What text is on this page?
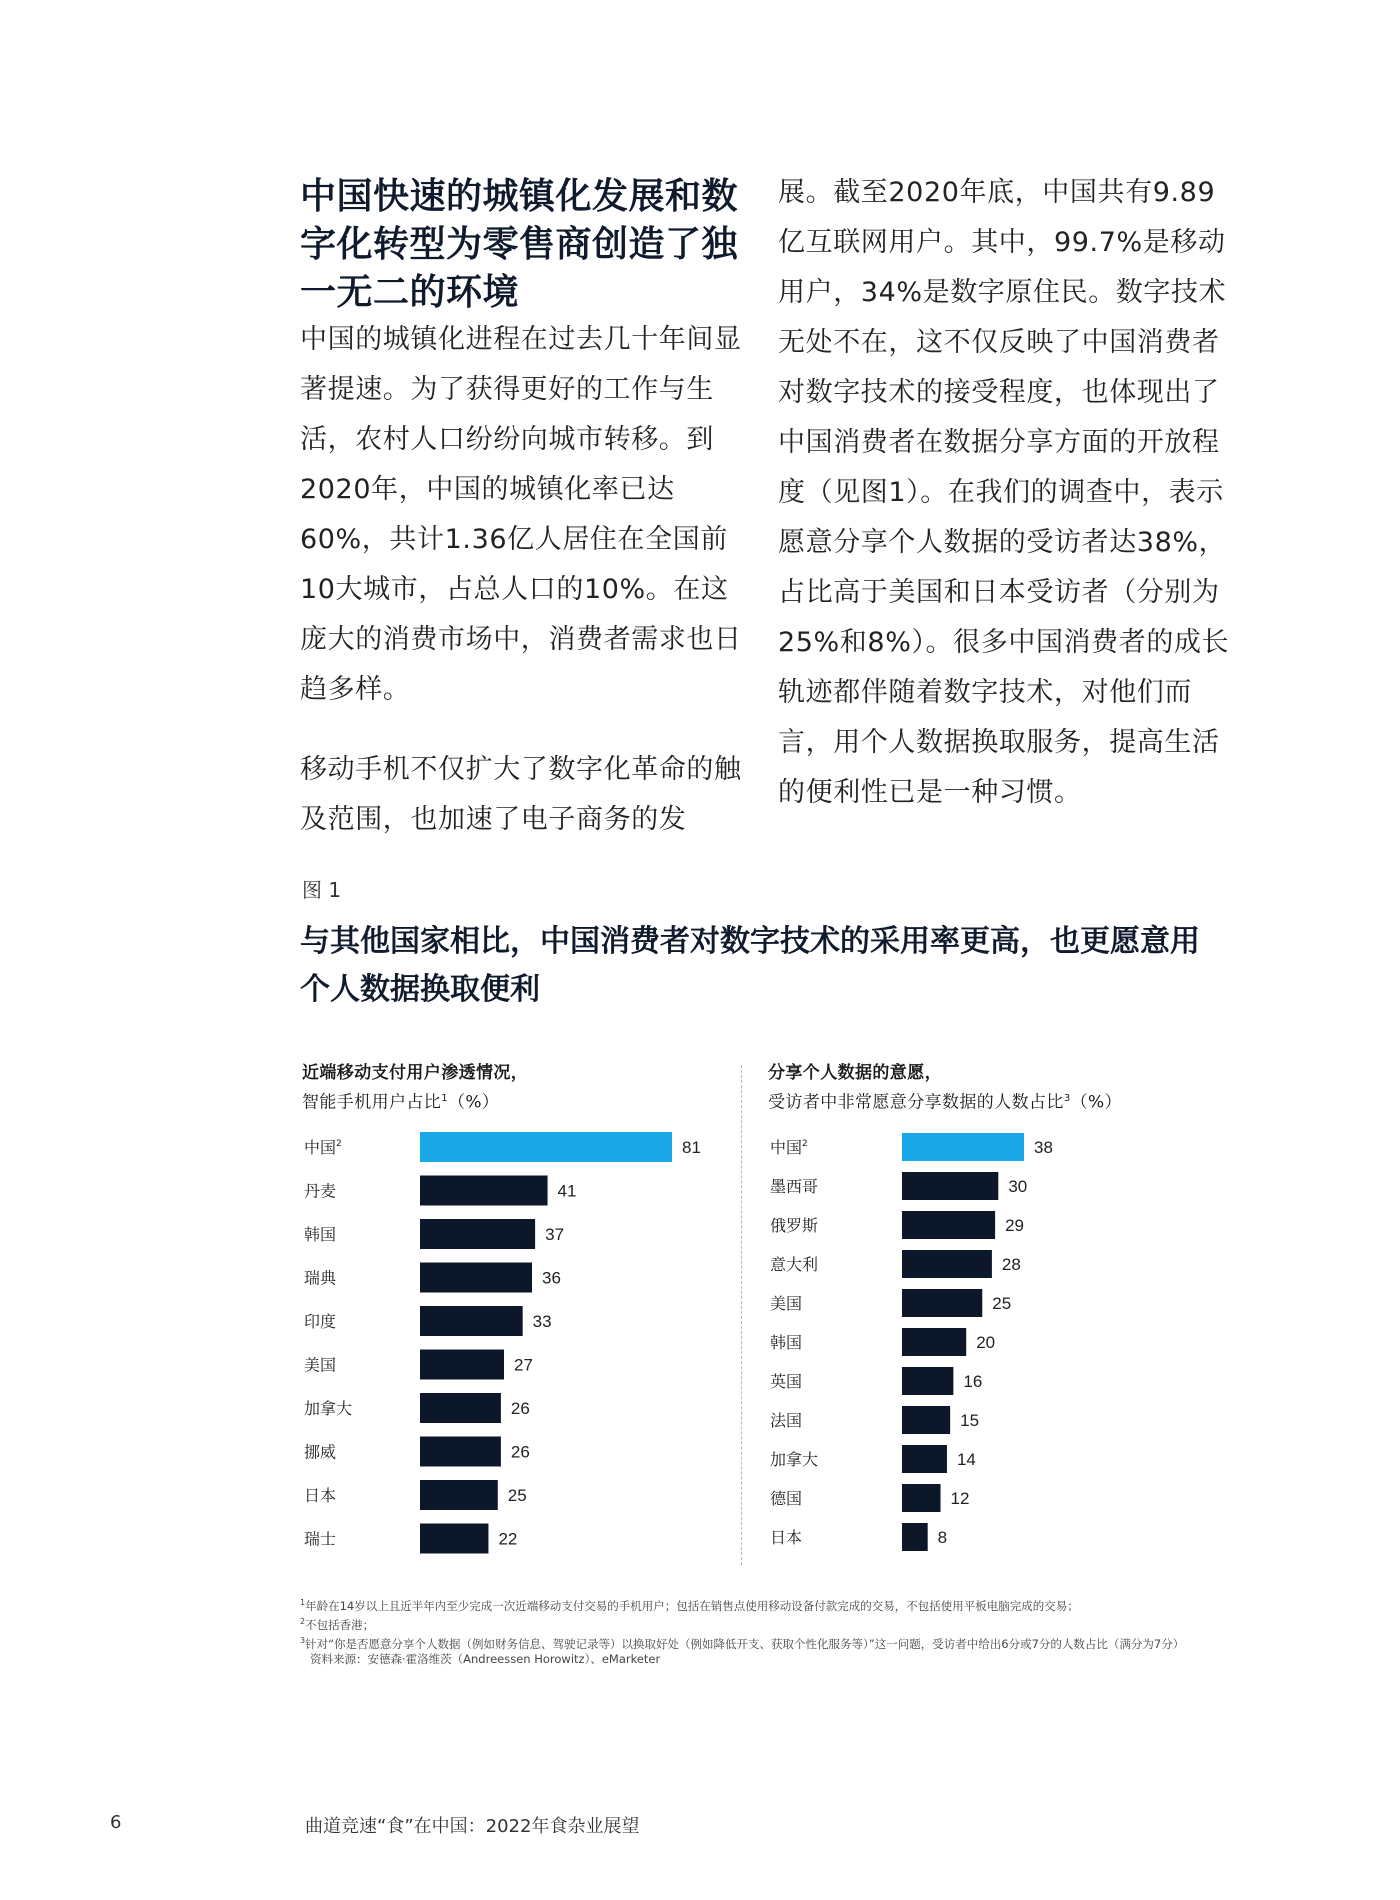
中国快速的城镇化发展和数字化转型为零售商创造了独一无二的环境
中国的城镇化进程在过去几十年间显著提速。为了获得更好的工作与生活，农村人口纷纷向城市转移。到2020年，中国的城镇化率已达60%，共计1.36亿人居住在全国前10大城市，占总人口的10%。在这庞大的消费市场中，消费者需求也日趋多样。
移动手机不仅扩大了数字化革命的触及范围，也加速了电子商务的发
展。截至2020年底，中国共有9.89亿互联网用户。其中，99.7%是移动用户，34%是数字原住民。数字技术无处不在，这不仅反映了中国消费者对数字技术的接受程度，也体现出了中国消费者在数据分享方面的开放程度（见图1）。在我们的调查中，表示愿意分享个人数据的受访者达38%，占比高于美国和日本受访者（分别为25%和8%）。很多中国消费者的成长轨迹都伴随着数字技术，对他们而言，用个人数据换取服务，提高生活的便利性已是一种习惯。
图 1
与其他国家相比，中国消费者对数字技术的采用率更高，也更愿意用个人数据换取便利
近端移动支付用户渗透情况，
智能手机用户占比$^1$（%）
中国$^2$	81
丹麦	41
韩国	37
瑞典	36
印度	33
美国	27
加拿大	26
挪威	26
日本	25
瑞士	22
分享个人数据的意愿，
受访者中非常愿意分享数据的人数占比$^3$（%）
中国$^2$	38
墨西哥	30
俄罗斯	29
意大利	28
美国	25
韩国	20
英国	16
法国	15
加拿大	14
德国	12
日本	8

$^1$年龄在14岁以上且近半年内至少完成一次近端移动支付交易的手机用户；包括在销售点使用移动设备付款完成的交易，不包括使用平板电脑完成的交易；

$^2$不包括香港；

$^3$针对“你是否愿意分享个人数据（例如财务信息、驾驶记录等）以换取好处（例如降低开支、获取个性化服务等）”这一问题，受访者中给出6分或7分的人数占比（满分为7分）

资料来源：安德森·霍洛维茨（Andreessen Horowitz）、eMarketer

6	曲道竞速“食”在中国：2022年食杂业展望
